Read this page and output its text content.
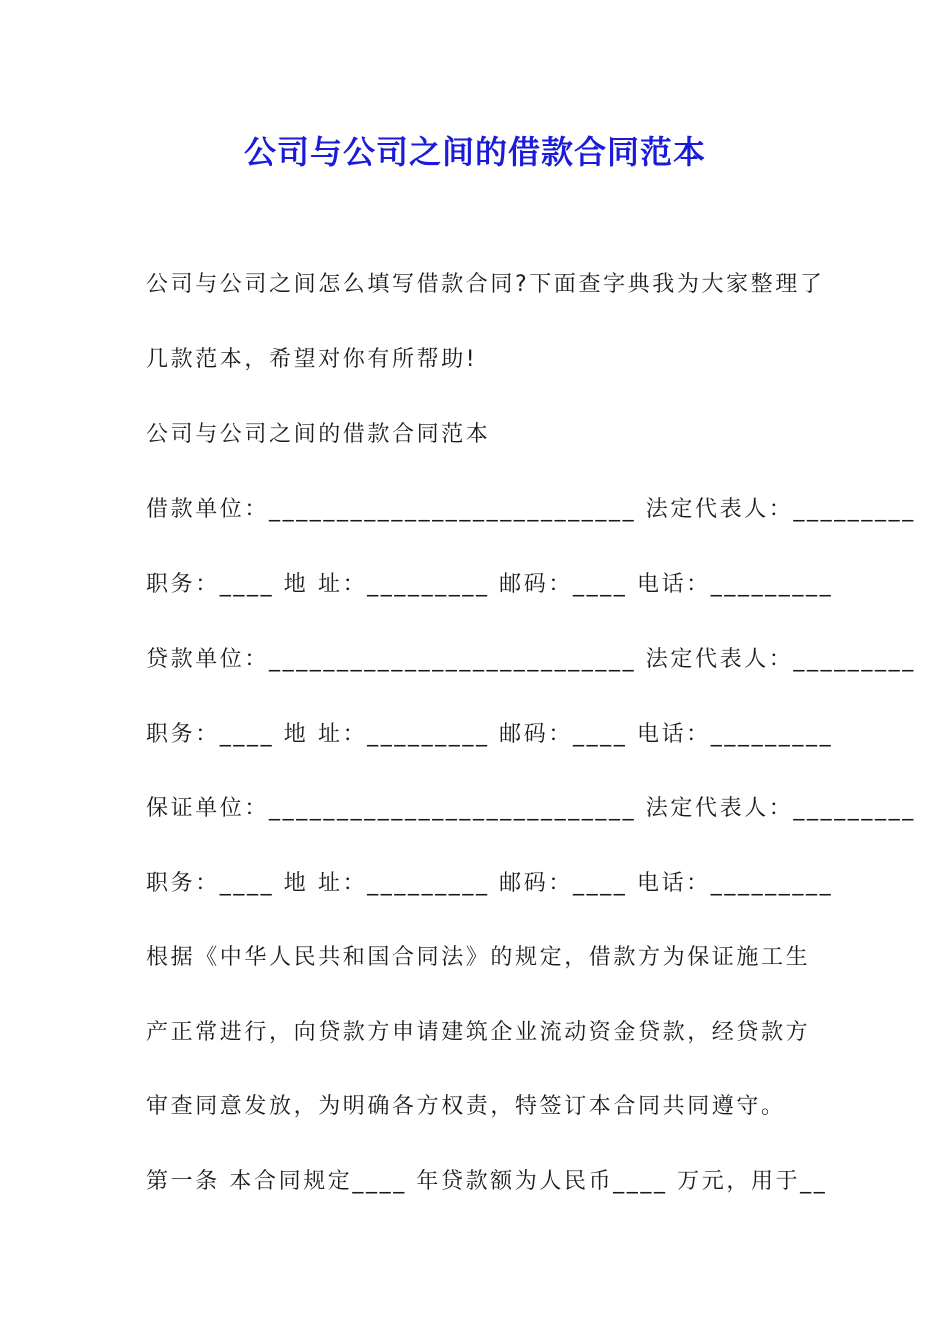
公司与公司之间的借款合同范本

公司与公司之间怎么填写借款合同?下面查字典我为大家整理了

几款范本，希望对你有所帮助!

公司与公司之间的借款合同范本

借款单位：___________________________ 法定代表人：_________

职务：____ 地 址：_________ 邮码：____ 电话：_________

贷款单位：___________________________ 法定代表人：_________

职务：____ 地 址：_________ 邮码：____ 电话：_________

保证单位：___________________________ 法定代表人：_________

职务：____ 地 址：_________ 邮码：____ 电话：_________

根据《中华人民共和国合同法》的规定，借款方为保证施工生

产正常进行，向贷款方申请建筑企业流动资金贷款，经贷款方

审查同意发放，为明确各方权责，特签订本合同共同遵守。

第一条 本合同规定____ 年贷款额为人民币____ 万元，用于__
